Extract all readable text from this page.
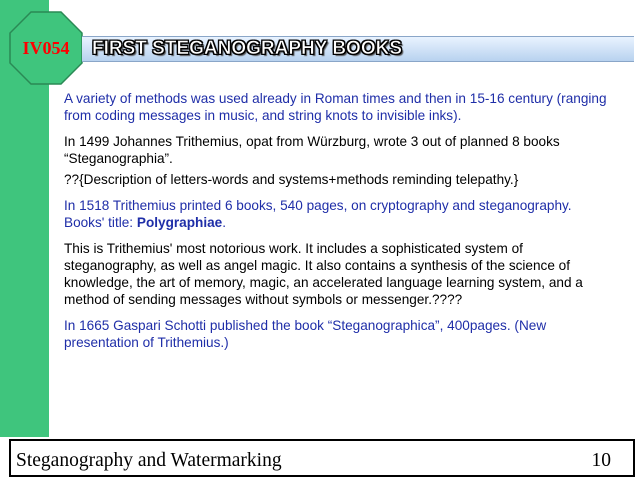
IV054	FIRST STEGANOGRAPHY BOOKS

A variety of methods was used already in Roman times and then in 15-16 century (ranging from coding messages in music, and string knots to invisible inks).

In 1499 Johannes Trithemius, opat from Würzburg, wrote 3 out of planned 8 books “Steganographia”.

??{Description of letters-words and systems+methods reminding telepathy.}

In 1518 Trithemius printed 6 books, 540 pages, on cryptography and steganography. Books' title: Polygraphiae.

This is Trithemius' most notorious work. It includes a sophisticated system of steganography, as well as angel magic. It also contains a synthesis of the science of knowledge, the art of memory, magic, an accelerated language learning system, and a method of sending messages without symbols or messenger.????

In 1665 Gaspari Schotti published the book “Steganographica”, 400pages. (New presentation of Trithemius.)

Steganography and Watermarking	10
